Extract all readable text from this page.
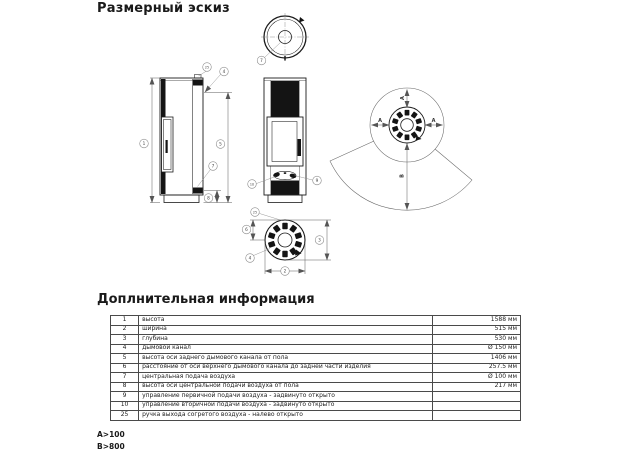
Размерный эскиз
7
1	5
8
7
25
4
10
9
25
6
4
3
2
A
A	A
B
Доплнительная информация
1	высота	1588 мм
2	ширина	515 мм
3	глубина	530 мм
4	дымовой канал	Ø 150 мм
5	высота оси заднего дымового канала от пола	1406 мм
6	расстояние от оси верхнего дымового канала до задней части изделия	257.5 мм
7	центральная подача воздуха	Ø 100 мм
8	высота оси центральной подачи воздуха от пола	217 мм
9	управление первичной подачи воздуха - задвинуто открыто	
10	управление вторичной подачи воздуха - задвинуто открыто	
25	ручка выхода согретого воздуха - налево открыто	
A>100
B>800
